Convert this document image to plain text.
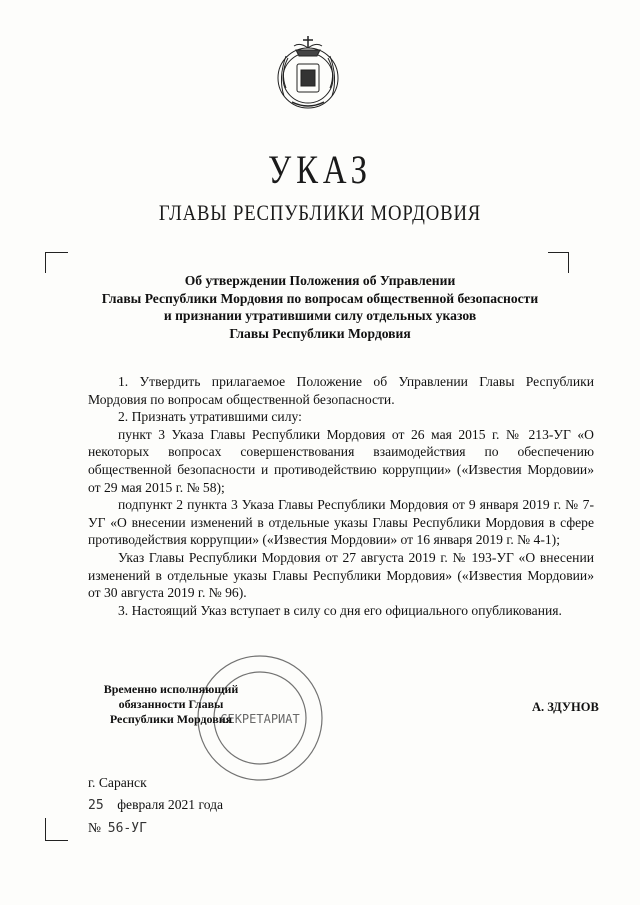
УКАЗ
ГЛАВЫ РЕСПУБЛИКИ МОРДОВИЯ
Об утверждении Положения об Управлении
Главы Республики Мордовия по вопросам общественной безопасности
и признании утратившими силу отдельных указов
Главы Республики Мордовия

1. Утвердить прилагаемое Положение об Управлении Главы Республики Мордовия по вопросам общественной безопасности.

2. Признать утратившими силу:

пункт 3 Указа Главы Республики Мордовия от 26 мая 2015 г. № 213-УГ «О некоторых вопросах совершенствования взаимодействия по обеспечению общественной безопасности и противодействию коррупции» («Известия Мордовии» от 29 мая 2015 г. № 58);

подпункт 2 пункта 3 Указа Главы Республики Мордовия от 9 января 2019 г. № 7-УГ «О внесении изменений в отдельные указы Главы Республики Мордовия в сфере противодействия коррупции» («Известия Мордовии» от 16 января 2019 г. № 4-1);

Указ Главы Республики Мордовия от 27 августа 2019 г. № 193-УГ «О внесении изменений в отдельные указы Главы Республики Мордовия» («Известия Мордовии» от 30 августа 2019 г. № 96).

3. Настоящий Указ вступает в силу со дня его официального опубликования.

СЕКРЕТАРИАТ
Временно исполняющий
обязанности Главы
Республики Мордовия
А. ЗДУНОВ
г. Саранск
25 февраля 2021 года
№ 56-УГ
